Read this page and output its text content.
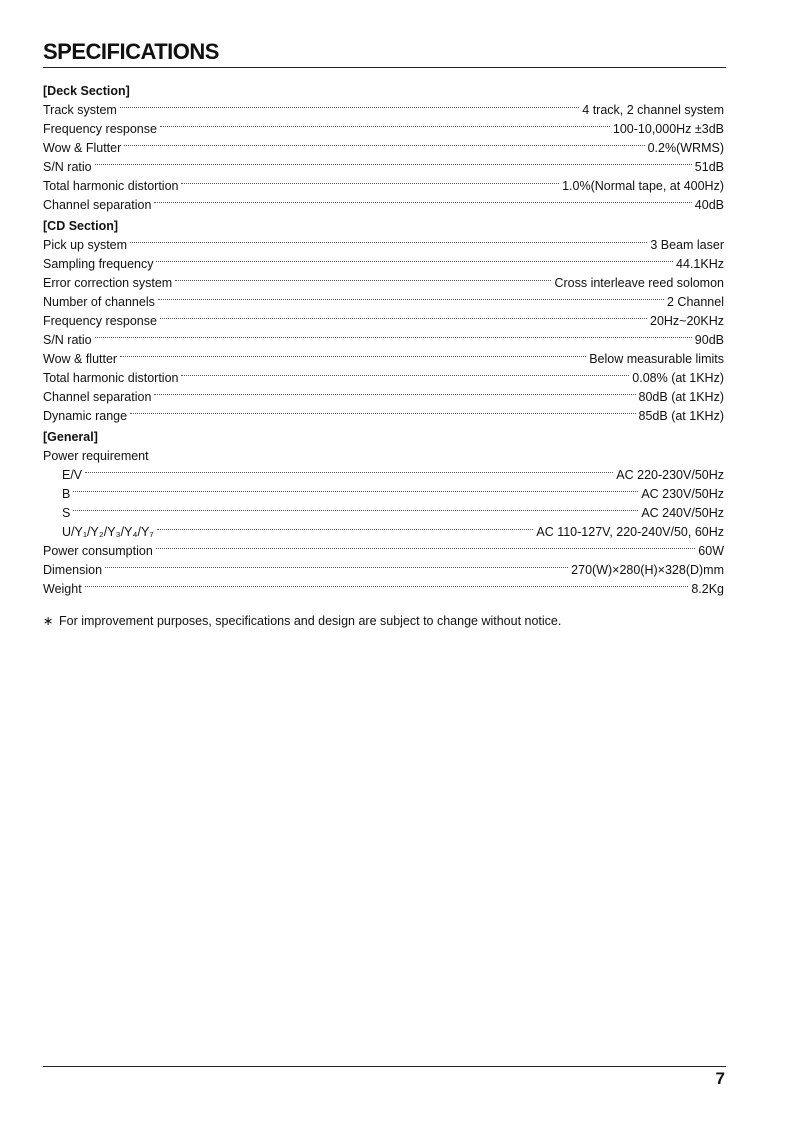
SPECIFICATIONS
[Deck Section]
Track system	4 track, 2 channel system
Frequency response	100-10,000Hz ±3dB
Wow & Flutter	0.2%(WRMS)
S/N ratio	51dB
Total harmonic distortion	1.0%(Normal tape, at 400Hz)
Channel separation	40dB
[CD Section]
Pick up system	3 Beam laser
Sampling frequency	44.1KHz
Error correction system	Cross interleave reed solomon
Number of channels	2 Channel
Frequency response	20Hz~20KHz
S/N ratio	90dB
Wow & flutter	Below measurable limits
Total harmonic distortion	0.08% (at 1KHz)
Channel separation	80dB (at 1KHz)
Dynamic range	85dB (at 1KHz)
[General]
Power requirement
E/V	AC 220-230V/50Hz
B	AC 230V/50Hz
S	AC 240V/50Hz
U/Y₁/Y₂/Y₃/Y₄/Y₇	AC 110-127V, 220-240V/50, 60Hz
Power consumption	60W
Dimension	270(W)×280(H)×328(D)mm
Weight	8.2Kg
∗ For improvement purposes, specifications and design are subject to change without notice.
7
